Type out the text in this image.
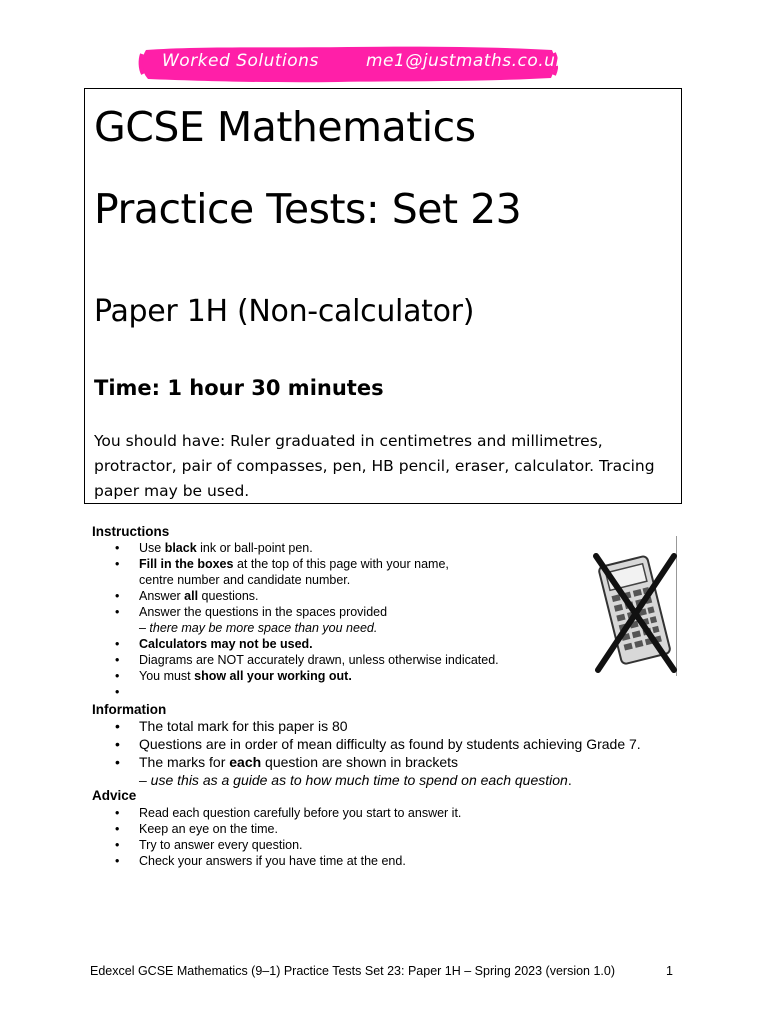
Worked Solutions	me1@justmaths.co.uk
GCSE Mathematics
Practice Tests: Set 23
Paper 1H (Non-calculator)
Time: 1 hour 30 minutes
You should have: Ruler graduated in centimetres and millimetres, protractor, pair of compasses, pen, HB pencil, eraser, calculator. Tracing paper may be used.
Instructions
• Use black ink or ball-point pen.
• Fill in the boxes at the top of this page with your name,
centre number and candidate number.
• Answer all questions.
• Answer the questions in the spaces provided
– there may be more space than you need.
• Calculators may not be used.
• Diagrams are NOT accurately drawn, unless otherwise indicated.
• You must show all your working out.
•
Information
• The total mark for this paper is 80
• Questions are in order of mean difficulty as found by students achieving Grade 7.
• The marks for each question are shown in brackets
– use this as a guide as to how much time to spend on each question.
Advice
• Read each question carefully before you start to answer it.
• Keep an eye on the time.
• Try to answer every question.
• Check your answers if you have time at the end.
Edexcel GCSE Mathematics (9–1) Practice Tests Set 23: Paper 1H – Spring 2023 (version 1.0)	1
